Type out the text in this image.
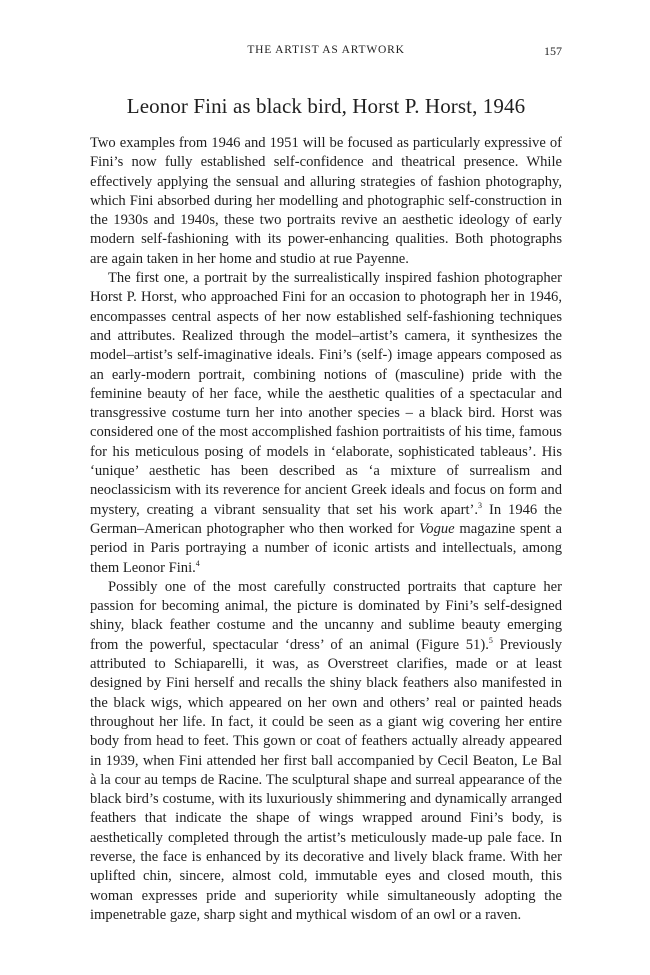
THE ARTIST AS ARTWORK	157
Leonor Fini as black bird, Horst P. Horst, 1946

Two examples from 1946 and 1951 will be focused as particularly expressive of Fini’s now fully established self-confidence and theatrical presence. While effectively applying the sensual and alluring strategies of fashion photography, which Fini absorbed during her modelling and photographic self-construction in the 1930s and 1940s, these two portraits revive an aesthetic ideology of early modern self-fashioning with its power-enhancing qualities. Both photographs are again taken in her home and studio at rue Payenne.

The first one, a portrait by the surrealistically inspired fashion photographer Horst P. Horst, who approached Fini for an occasion to photograph her in 1946, encompasses central aspects of her now established self-fashioning techniques and attributes. Realized through the model–artist’s camera, it synthesizes the model–artist’s self-imaginative ideals. Fini’s (self-) image appears composed as an early-modern portrait, combining notions of (masculine) pride with the feminine beauty of her face, while the aesthetic qualities of a spectacular and transgressive costume turn her into another species – a black bird. Horst was considered one of the most accomplished fashion portraitists of his time, famous for his meticulous posing of models in ‘elaborate, sophisticated tableaus’. His ‘unique’ aesthetic has been described as ‘a mixture of surrealism and neoclassicism with its reverence for ancient Greek ideals and focus on form and mystery, creating a vibrant sensuality that set his work apart’.$^3$ In 1946 the German–American photographer who then worked for Vogue magazine spent a period in Paris portraying a number of iconic artists and intellectuals, among them Leonor Fini.$^4$

Possibly one of the most carefully constructed portraits that capture her passion for becoming animal, the picture is dominated by Fini’s self-designed shiny, black feather costume and the uncanny and sublime beauty emerging from the powerful, spectacular ‘dress’ of an animal (Figure 51).$^5$ Previously attributed to Schiaparelli, it was, as Overstreet clarifies, made or at least designed by Fini herself and recalls the shiny black feathers also manifested in the black wigs, which appeared on her own and others’ real or painted heads throughout her life. In fact, it could be seen as a giant wig covering her entire body from head to feet. This gown or coat of feathers actually already appeared in 1939, when Fini attended her first ball accompanied by Cecil Beaton, Le Bal à la cour au temps de Racine. The sculptural shape and surreal appearance of the black bird’s costume, with its luxuriously shimmering and dynamically arranged feathers that indicate the shape of wings wrapped around Fini’s body, is aesthetically completed through the artist’s meticulously made-up pale face. In reverse, the face is enhanced by its decorative and lively black frame. With her uplifted chin, sincere, almost cold, immutable eyes and closed mouth, this woman expresses pride and superiority while simultaneously adopting the impenetrable gaze, sharp sight and mythical wisdom of an owl or a raven.
